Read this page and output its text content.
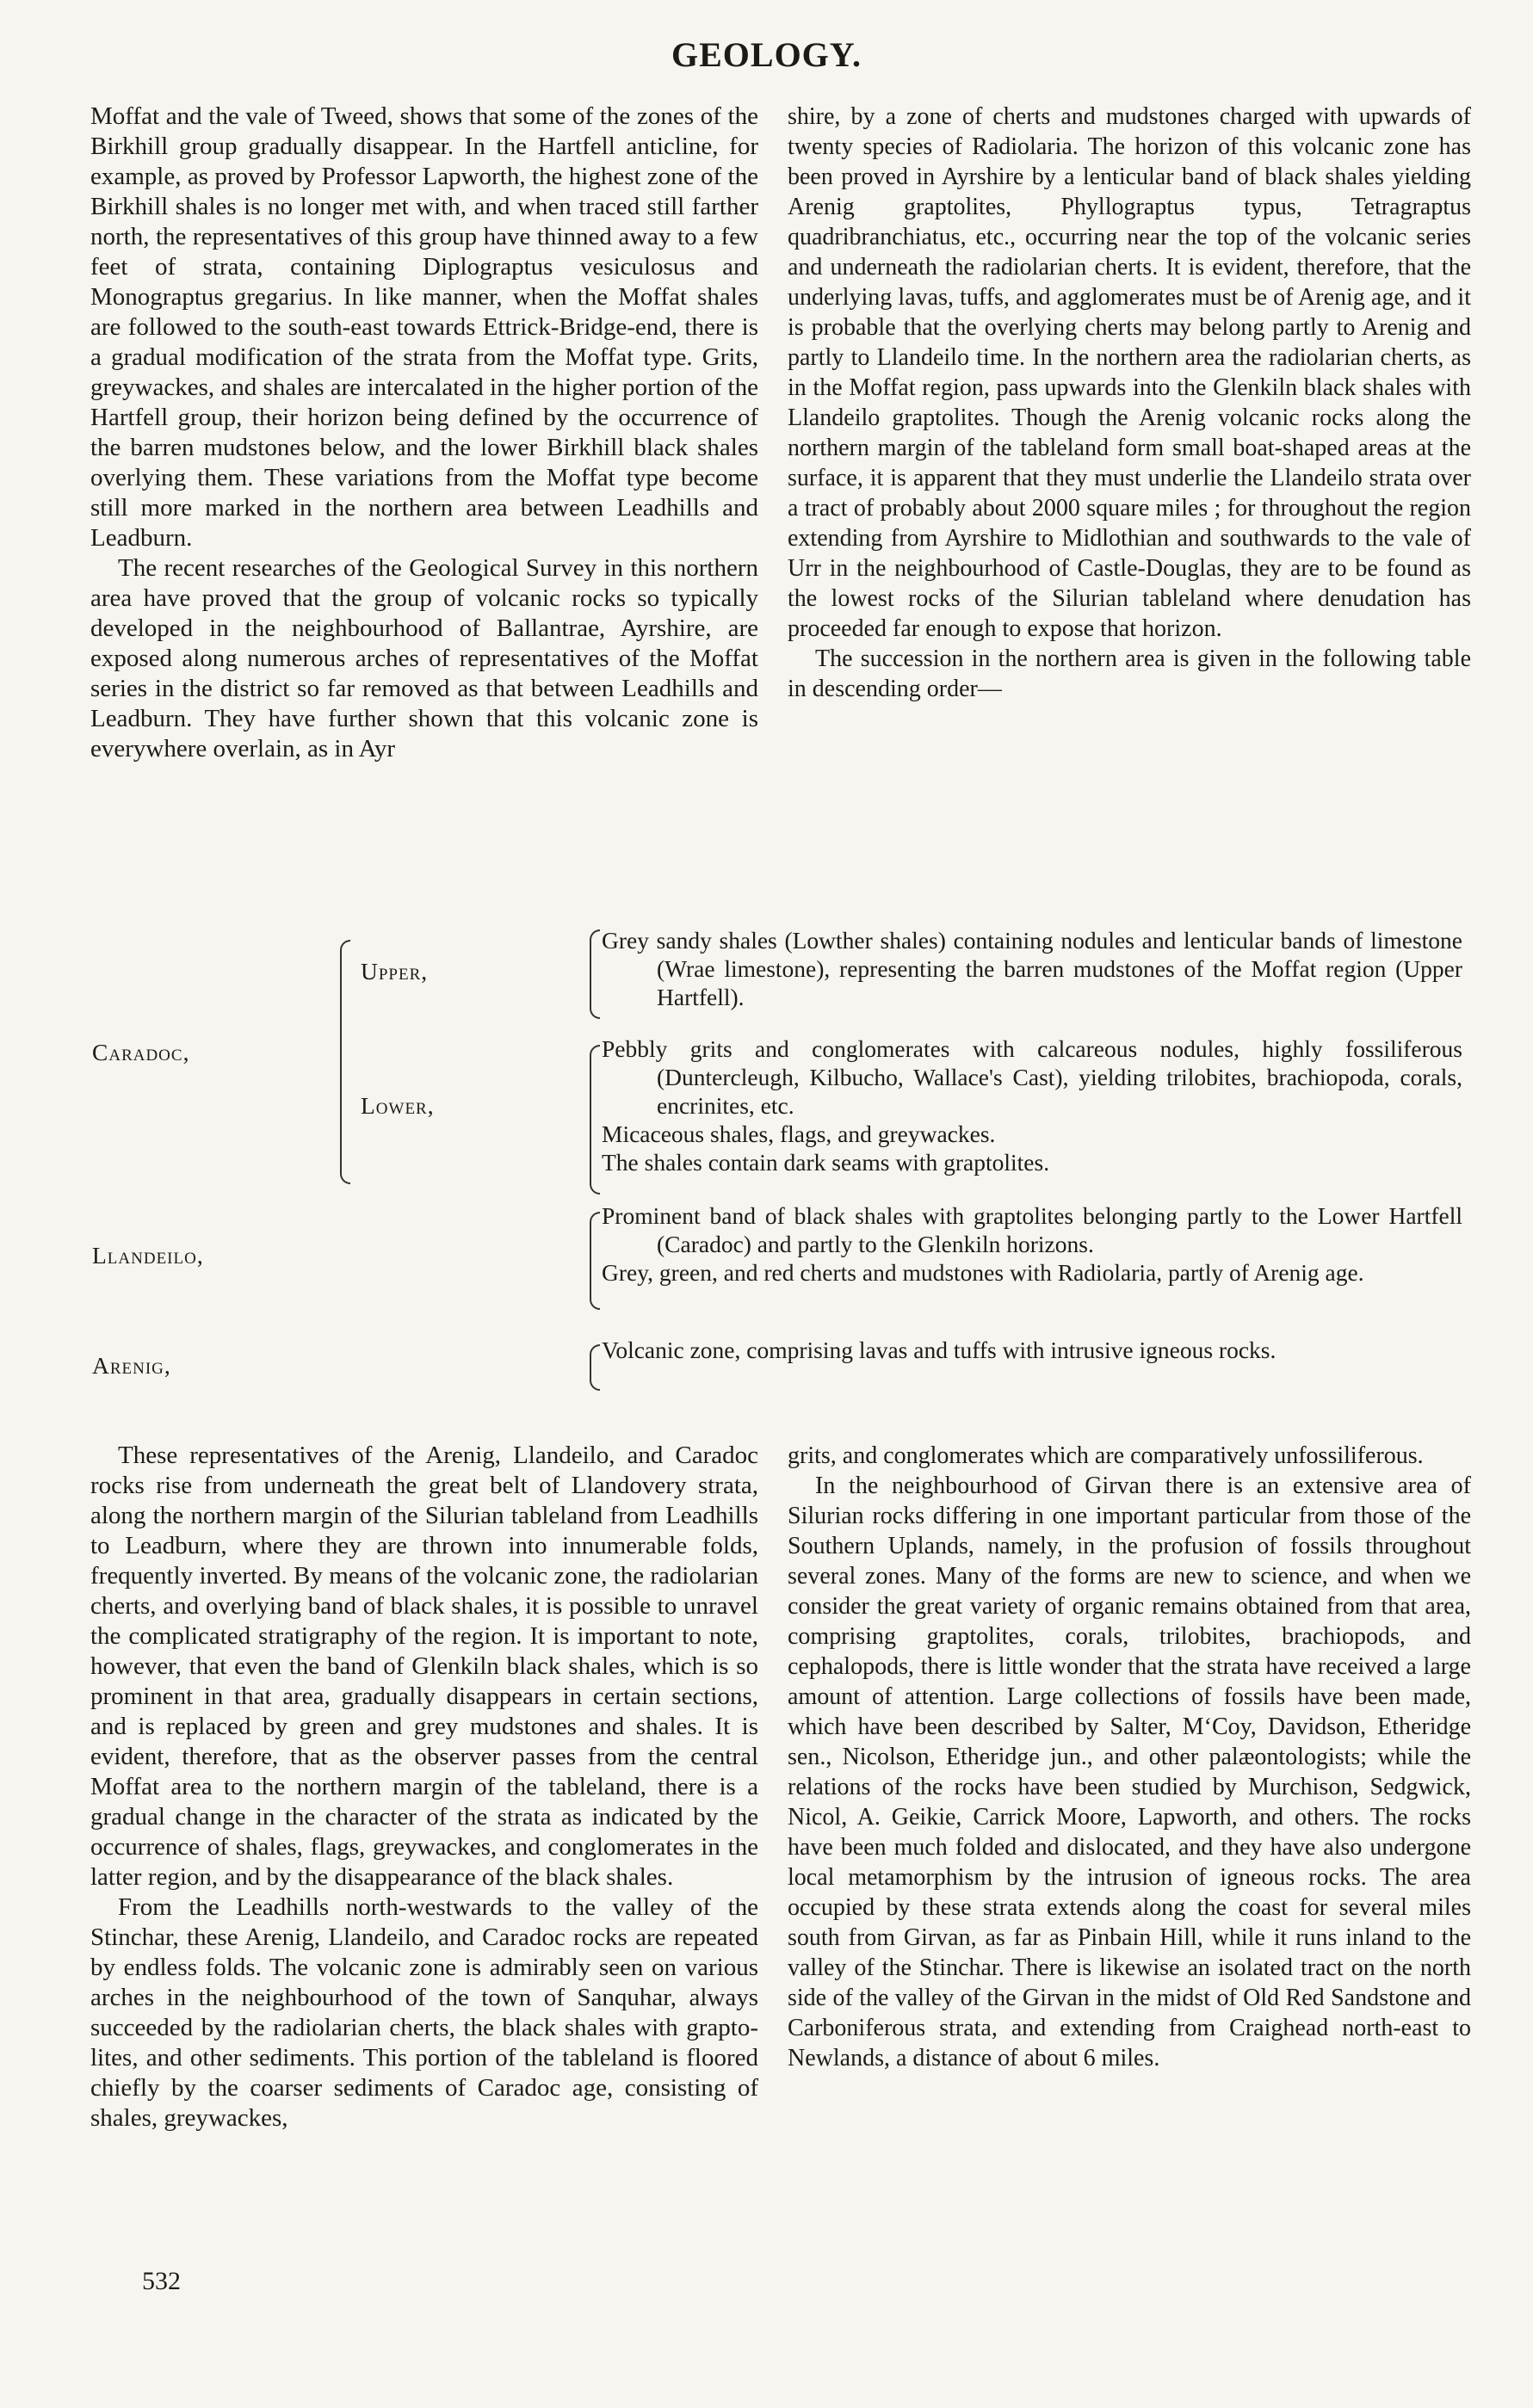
GEOLOGY.

Moffat and the vale of Tweed, shows that some of the zones of the Birkhill group gradually disappear. In the Hartfell anticline, for example, as proved by Professor Lapworth, the highest zone of the Birkhill shales is no longer met with, and when traced still farther north, the representatives of this group have thinned away to a few feet of strata, containing Diplograptus vesiculosus and Monograptus gregarius. In like manner, when the Moffat shales are followed to the south-east towards Ettrick-Bridge-end, there is a gradual modification of the strata from the Moffat type. Grits, greywackes, and shales are intercalated in the higher portion of the Hartfell group, their horizon being defined by the occurrence of the barren mudstones below, and the lower Birkhill black shales overlying them. These variations from the Moffat type become still more marked in the northern area between Leadhills and Leadburn.

The recent researches of the Geological Survey in this northern area have proved that the group of volcanic rocks so typically developed in the neighbourhood of Ballantrae, Ayrshire, are exposed along numerous arches of representatives of the Moffat series in the district so far removed as that between Leadhills and Leadburn. They have further shown that this volcanic zone is everywhere overlain, as in Ayr

shire, by a zone of cherts and mudstones charged with upwards of twenty species of Radiolaria. The horizon of this volcanic zone has been proved in Ayrshire by a lenticular band of black shales yielding Arenig graptolites, Phyllograptus typus, Tetragraptus quadribranchiatus, etc., occurring near the top of the volcanic series and underneath the radiolarian cherts. It is evident, therefore, that the underlying lavas, tuffs, and agglomerates must be of Arenig age, and it is probable that the overlying cherts may belong partly to Arenig and partly to Llandeilo time. In the northern area the radiolarian cherts, as in the Moffat region, pass upwards into the Glenkiln black shales with Llandeilo graptolites. Though the Arenig volcanic rocks along the northern margin of the tableland form small boat-shaped areas at the surface, it is apparent that they must underlie the Llandeilo strata over a tract of probably about 2000 square miles ; for throughout the region extending from Ayrshire to Midlothian and southwards to the vale of Urr in the neighbourhood of Castle-Douglas, they are to be found as the lowest rocks of the Silurian tableland where denudation has proceeded far enough to expose that horizon.

The succession in the northern area is given in the following table in descending order—

Caradoc,
Upper,
Grey sandy shales (Lowther shales) containing nodules and lenticular bands of limestone (Wrae limestone), representing the barren mudstones of the Moffat region (Upper Hartfell).
Lower,
Pebbly grits and conglomerates with calcareous nodules, highly fossiliferous (Duntercleugh, Kilbucho, Wallace's Cast), yielding trilobites, brachiopoda, corals, encrinites, etc.
Micaceous shales, flags, and greywackes.
The shales contain dark seams with graptolites.
Llandeilo,
Prominent band of black shales with graptolites belonging partly to the Lower Hartfell (Caradoc) and partly to the Glenkiln horizons.
Grey, green, and red cherts and mudstones with Radiolaria, partly of Arenig age.
Arenig,
Volcanic zone, comprising lavas and tuffs with intrusive igneous rocks.

These representatives of the Arenig, Llandeilo, and Caradoc rocks rise from underneath the great belt of Llandovery strata, along the northern margin of the Silurian tableland from Leadhills to Leadburn, where they are thrown into innumerable folds, frequently inverted. By means of the volcanic zone, the radiolarian cherts, and overlying band of black shales, it is possible to unravel the complicated stratigraphy of the region. It is important to note, however, that even the band of Glenkiln black shales, which is so prominent in that area, gradually disappears in certain sections, and is replaced by green and grey mudstones and shales. It is evident, therefore, that as the observer passes from the central Moffat area to the northern margin of the tableland, there is a gradual change in the character of the strata as indicated by the occurrence of shales, flags, greywackes, and conglomerates in the latter region, and by the disappearance of the black shales.

From the Leadhills north-westwards to the valley of the Stinchar, these Arenig, Llandeilo, and Caradoc rocks are repeated by endless folds. The volcanic zone is admirably seen on various arches in the neighbourhood of the town of Sanquhar, always succeeded by the radiolarian cherts, the black shales with graptolites, and other sediments. This portion of the tableland is floored chiefly by the coarser sediments of Caradoc age, consisting of shales, greywackes,

grits, and conglomerates which are comparatively unfossiliferous.

In the neighbourhood of Girvan there is an extensive area of Silurian rocks differing in one important particular from those of the Southern Uplands, namely, in the profusion of fossils throughout several zones. Many of the forms are new to science, and when we consider the great variety of organic remains obtained from that area, comprising graptolites, corals, trilobites, brachiopods, and cephalopods, there is little wonder that the strata have received a large amount of attention. Large collections of fossils have been made, which have been described by Salter, M‘Coy, Davidson, Etheridge sen., Nicolson, Etheridge jun., and other palæontologists; while the relations of the rocks have been studied by Murchison, Sedgwick, Nicol, A. Geikie, Carrick Moore, Lapworth, and others. The rocks have been much folded and dislocated, and they have also undergone local metamorphism by the intrusion of igneous rocks. The area occupied by these strata extends along the coast for several miles south from Girvan, as far as Pinbain Hill, while it runs inland to the valley of the Stinchar. There is likewise an isolated tract on the north side of the valley of the Girvan in the midst of Old Red Sandstone and Carboniferous strata, and extending from Craighead north-east to Newlands, a distance of about 6 miles.

532
